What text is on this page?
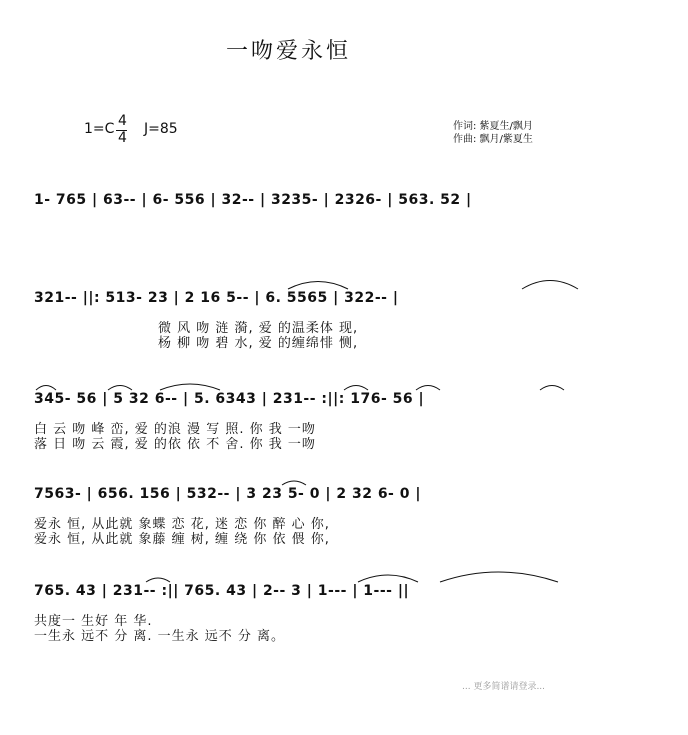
一吻爱永恒
1=C 4
4
J=85	作词: 紫夏生/飘月
作曲: 飘月/紫夏生
1- 765 | 63-- | 6- 556 | 32-- | 3235- | 2326- | 563. 52 |
321-- ||: 513- 23 | 2 16 5-- | 6. 5565 | 322-- |
微 风 吻 涟 漪, 爱 的温柔体 现,
杨 柳 吻 碧 水, 爱 的缠绵悱 恻,
345- 56 | 5 32 6-- | 5. 6343 | 231-- :||: 176- 56 |
白 云 吻 峰 峦, 爱 的浪 漫 写 照. 你 我 一吻
落 日 吻 云 霞, 爱 的依 依 不 舍. 你 我 一吻
7563- | 656. 156 | 532-- | 3 23 5- 0 | 2 32 6- 0 |
爱永 恒, 从此就 象蝶 恋 花, 迷 恋 你 醉 心 你,
爱永 恒, 从此就 象藤 缠 树, 缠 绕 你 依 偎 你,
765. 43 | 231-- :|| 765. 43 | 2-- 3 | 1--- | 1--- ||
共度一 生好 年 华.
一生永 远不 分 离. 一生永 远不 分 离。
... 更多简谱请登录...
